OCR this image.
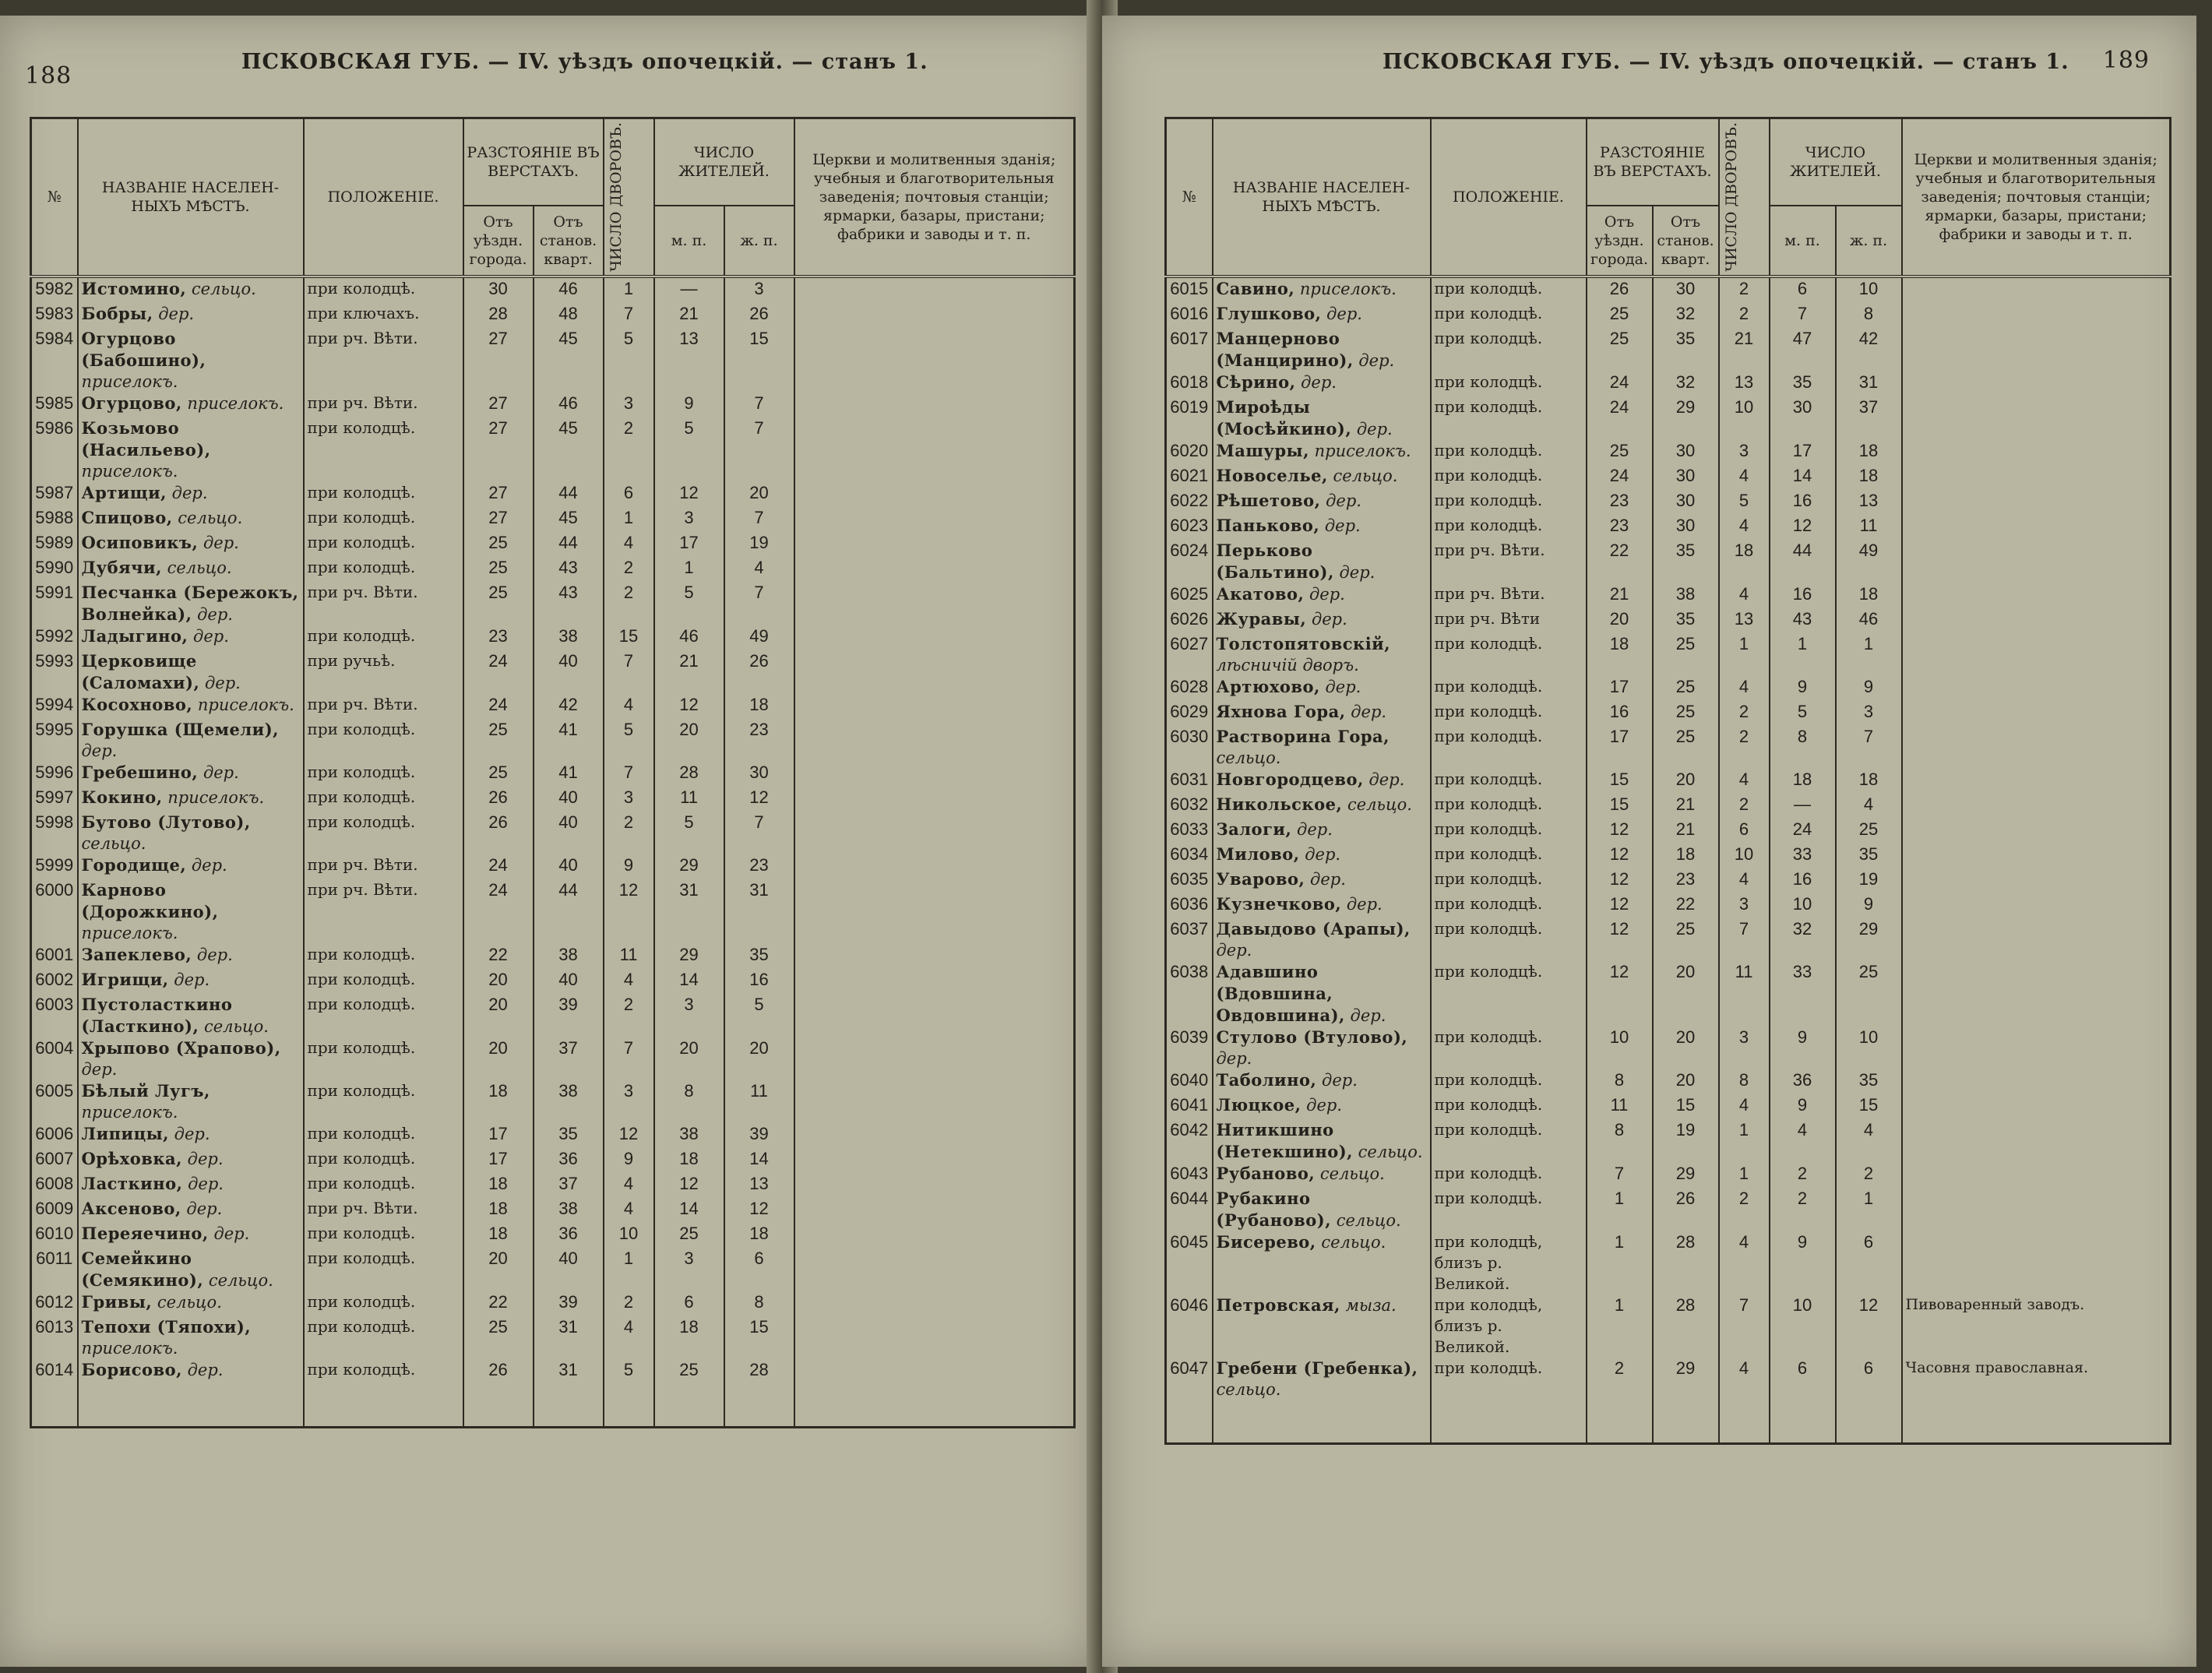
188
ПСКОВСКАЯ ГУБ. — IV. уѣздъ опочецкій. — станъ 1.
№	НАЗВАНІЕ НАСЕЛЕН-НЫХЪ МѢСТЪ.	ПОЛОЖЕНІЕ.	РАЗСТОЯНІЕ ВЪ ВЕРСТАХЪ.		ЧИСЛО ДВОРОВЪ.	ЧИСЛО ЖИТЕЛЕЙ.		Церкви и молитвенныя зданія; учебныя и благотворительныя заведенія; почтовыя станціи; ярмарки, базары, пристани; фабрики и заводы и т. п.
			Отъ уѣздн. города.	Отъ станов. кварт.		м. п.	ж. п.	
5982	Истомино, сельцо.	при колодцѣ.	30	46	1	—	3	
5983	Бобры, дер.	при ключахъ.	28	48	7	21	26	
5984	Огурцово (Бабошино), приселокъ.	при рч. Вѣти.	27	45	5	13	15	
5985	Огурцово, приселокъ.	при рч. Вѣти.	27	46	3	9	7	
5986	Козьмово (Насильево), приселокъ.	при колодцѣ.	27	45	2	5	7	
5987	Артищи, дер.	при колодцѣ.	27	44	6	12	20	
5988	Спицово, сельцо.	при колодцѣ.	27	45	1	3	7	
5989	Осиповикъ, дер.	при колодцѣ.	25	44	4	17	19	
5990	Дубячи, сельцо.	при колодцѣ.	25	43	2	1	4	
5991	Песчанка (Бережокъ, Волнейка), дер.	при рч. Вѣти.	25	43	2	5	7	
5992	Ладыгино, дер.	при колодцѣ.	23	38	15	46	49	
5993	Церковище (Саломахи), дер.	при ручьѣ.	24	40	7	21	26	
5994	Косохново, приселокъ.	при рч. Вѣти.	24	42	4	12	18	
5995	Горушка (Щемели), дер.	при колодцѣ.	25	41	5	20	23	
5996	Гребешино, дер.	при колодцѣ.	25	41	7	28	30	
5997	Кокино, приселокъ.	при колодцѣ.	26	40	3	11	12	
5998	Бутово (Лутово), сельцо.	при колодцѣ.	26	40	2	5	7	
5999	Городище, дер.	при рч. Вѣти.	24	40	9	29	23	
6000	Карново (Дорожкино), приселокъ.	при рч. Вѣти.	24	44	12	31	31	
6001	Запеклево, дер.	при колодцѣ.	22	38	11	29	35	
6002	Игрищи, дер.	при колодцѣ.	20	40	4	14	16	
6003	Пустоласткино (Ласткино), сельцо.	при колодцѣ.	20	39	2	3	5	
6004	Хрыпово (Храпово), дер.	при колодцѣ.	20	37	7	20	20	
6005	Бѣлый Лугъ, приселокъ.	при колодцѣ.	18	38	3	8	11	
6006	Липицы, дер.	при колодцѣ.	17	35	12	38	39	
6007	Орѣховка, дер.	при колодцѣ.	17	36	9	18	14	
6008	Ласткино, дер.	при колодцѣ.	18	37	4	12	13	
6009	Аксеново, дер.	при рч. Вѣти.	18	38	4	14	12	
6010	Переяечино, дер.	при колодцѣ.	18	36	10	25	18	
6011	Семейкино (Семякино), сельцо.	при колодцѣ.	20	40	1	3	6	
6012	Гривы, сельцо.	при колодцѣ.	22	39	2	6	8	
6013	Тепохи (Тяпохи), приселокъ.	при колодцѣ.	25	31	4	18	15	
6014	Борисово, дер.	при колодцѣ.	26	31	5	25	28	

ПСКОВСКАЯ ГУБ. — IV. уѣздъ опочецкій. — станъ 1. 189
№	НАЗВАНІЕ НАСЕЛЕН-НЫХЪ МѢСТЪ.	ПОЛОЖЕНІЕ.	РАЗСТОЯНІЕ ВЪ ВЕРСТАХЪ.		ЧИСЛО ДВОРОВЪ.	ЧИСЛО ЖИТЕЛЕЙ.		Церкви и молитвенныя зданія; учебныя и благотворительныя заведенія; почтовыя станціи; ярмарки, базары, пристани; фабрики и заводы и т. п.
			Отъ уѣздн. города.	Отъ станов. кварт.		м. п.	ж. п.	
6015	Савино, приселокъ.	при колодцѣ.	26	30	2	6	10	
6016	Глушково, дер.	при колодцѣ.	25	32	2	7	8	
6017	Манцерново (Манцирино), дер.	при колодцѣ.	25	35	21	47	42	
6018	Сѣрино, дер.	при колодцѣ.	24	32	13	35	31	
6019	Мироѣды (Мосѣйкино), дер.	при колодцѣ.	24	29	10	30	37	
6020	Машуры, приселокъ.	при колодцѣ.	25	30	3	17	18	
6021	Новоселье, сельцо.	при колодцѣ.	24	30	4	14	18	
6022	Рѣшетово, дер.	при колодцѣ.	23	30	5	16	13	
6023	Панькoво, дер.	при колодцѣ.	23	30	4	12	11	
6024	Перьково (Бальтино), дер.	при рч. Вѣти.	22	35	18	44	49	
6025	Акатово, дер.	при рч. Вѣти.	21	38	4	16	18	
6026	Журавы, дер.	при рч. Вѣти	20	35	13	43	46	
6027	Толстопятовскій, лѣсничій дворъ.	при колодцѣ.	18	25	1	1	1	
6028	Артюхово, дер.	при колодцѣ.	17	25	4	9	9	
6029	Яхнова Гора, дер.	при колодцѣ.	16	25	2	5	3	
6030	Растворина Гора, сельцо.	при колодцѣ.	17	25	2	8	7	
6031	Новгородцево, дер.	при колодцѣ.	15	20	4	18	18	
6032	Никольское, сельцо.	при колодцѣ.	15	21	2	—	4	
6033	Залоги, дер.	при колодцѣ.	12	21	6	24	25	
6034	Милово, дер.	при колодцѣ.	12	18	10	33	35	
6035	Уварово, дер.	при колодцѣ.	12	23	4	16	19	
6036	Кузнечково, дер.	при колодцѣ.	12	22	3	10	9	
6037	Давыдово (Арапы), дер.	при колодцѣ.	12	25	7	32	29	
6038	Адавшино (Вдовшина, Овдовшина), дер.	при колодцѣ.	12	20	11	33	25	
6039	Стулово (Втулово), дер.	при колодцѣ.	10	20	3	9	10	
6040	Таболино, дер.	при колодцѣ.	8	20	8	36	35	
6041	Люцкое, дер.	при колодцѣ.	11	15	4	9	15	
6042	Нитикшино (Нетекшино), сельцо.	при колодцѣ.	8	19	1	4	4	
6043	Рубаново, сельцо.	при колодцѣ.	7	29	1	2	2	
6044	Рубакино (Рубаново), сельцо.	при колодцѣ.	1	26	2	2	1	
6045	Бисерево, сельцо.	при колодцѣ, близъ р. Великой.	1	28	4	9	6	
6046	Петровская, мыза.	при колодцѣ, близъ р. Великой.	1	28	7	10	12	Пивоваренный заводъ.
6047	Гребени (Гребенка), сельцо.	при колодцѣ.	2	29	4	6	6	Часовня православная.
